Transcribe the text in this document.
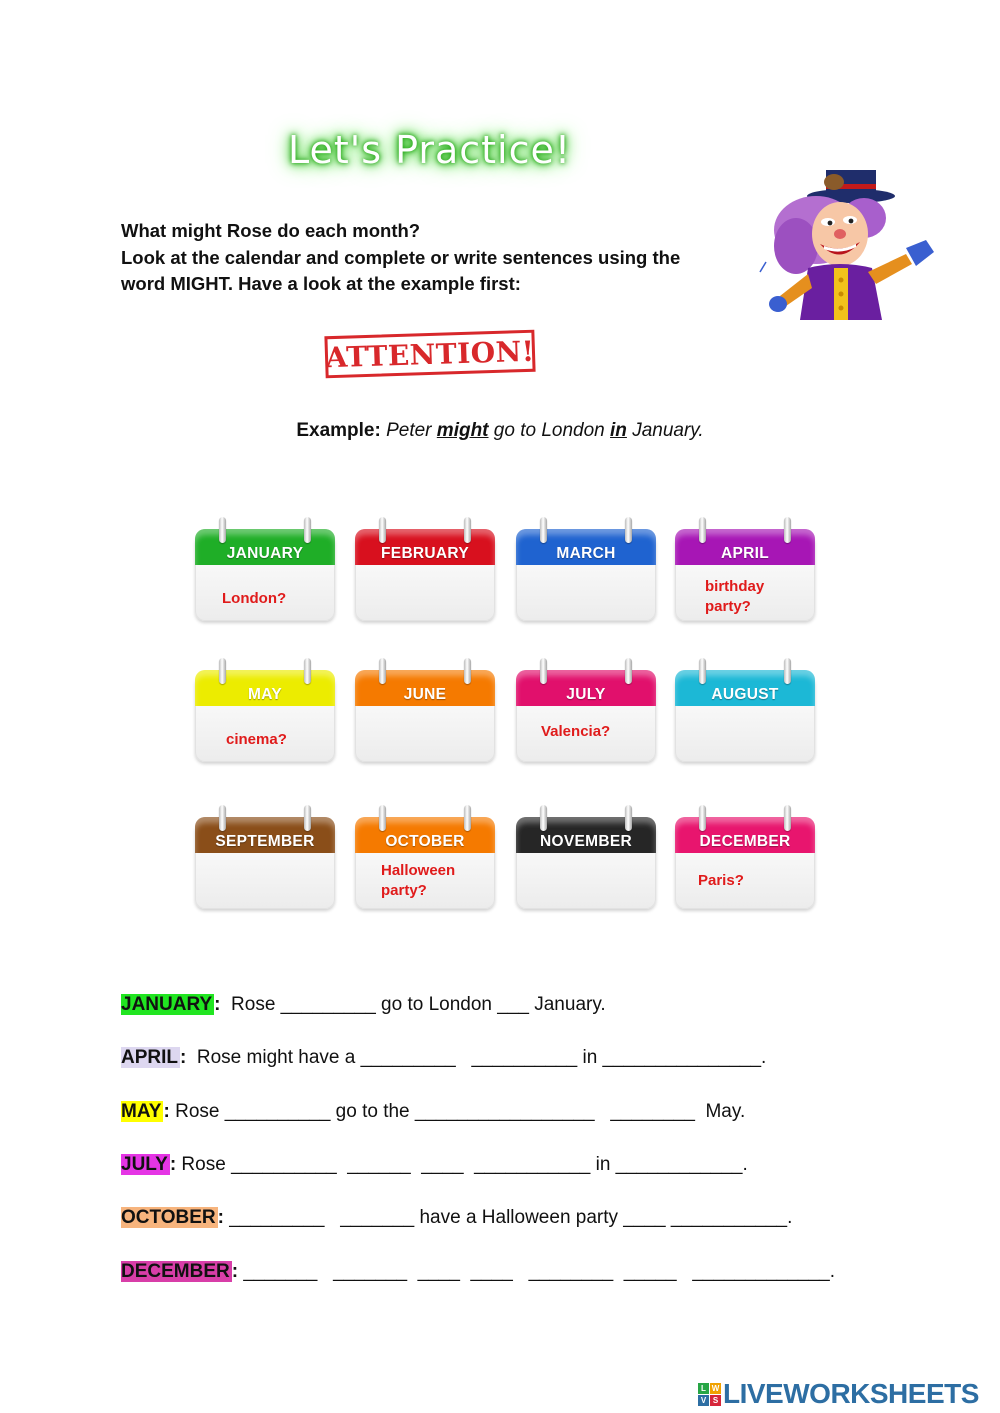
Let's Practice!
What might Rose do each month?
Look at the calendar and complete or write sentences using the
word MIGHT. Have a look at the example first:
ATTENTION!
Example: Peter might go to London in January.
JANUARY
London?
FEBRUARY	MARCH	APRIL
birthday
party?
MAY
cinema?
JUNE	JULY
Valencia?
AUGUST
SEPTEMBER	OCTOBER
Halloween
party?
NOVEMBER	DECEMBER
Paris?
JANUARY :  Rose _________ go to London ___ January.
APRIL :  Rose might have a _________   __________ in _______________.
MAY : Rose __________ go to the _________________   ________  May.
JULY : Rose __________  ______  ____  ___________ in ____________.
OCTOBER : _________   _______ have a Halloween party ____ ___________.
DECEMBER : _______   _______  ____  ____   ________  _____   _____________.
L W
V S LIVEWORKSHEETS
